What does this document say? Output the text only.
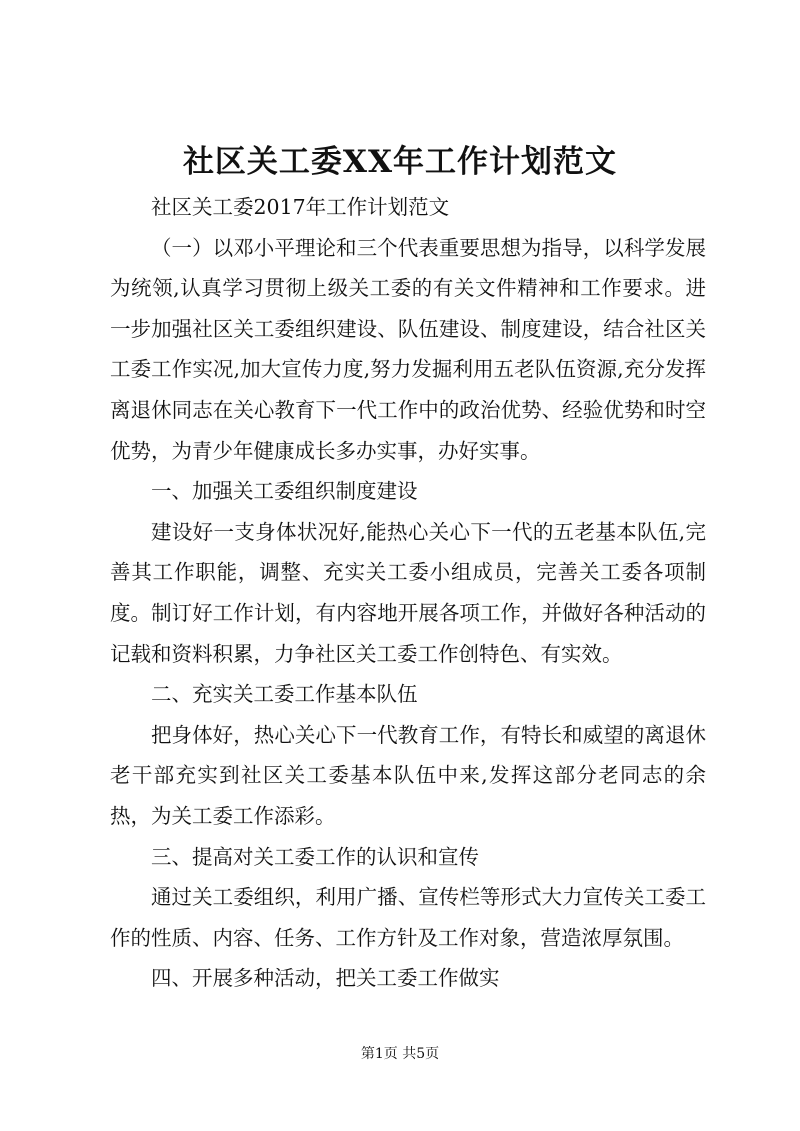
社区关工委XX年工作计划范文

社区关工委2017年工作计划范文

（一）以邓小平理论和三个代表重要思想为指导，以科学发展为统领,认真学习贯彻上级关工委的有关文件精神和工作要求。进一步加强社区关工委组织建设、队伍建设、制度建设，结合社区关工委工作实况,加大宣传力度,努力发掘利用五老队伍资源,充分发挥离退休同志在关心教育下一代工作中的政治优势、经验优势和时空优势，为青少年健康成长多办实事，办好实事。

一、加强关工委组织制度建设

建设好一支身体状况好,能热心关心下一代的五老基本队伍,完善其工作职能，调整、充实关工委小组成员，完善关工委各项制度。制订好工作计划，有内容地开展各项工作，并做好各种活动的记载和资料积累，力争社区关工委工作创特色、有实效。

二、充实关工委工作基本队伍

把身体好，热心关心下一代教育工作，有特长和威望的离退休老干部充实到社区关工委基本队伍中来,发挥这部分老同志的余热，为关工委工作添彩。

三、提高对关工委工作的认识和宣传

通过关工委组织，利用广播、宣传栏等形式大力宣传关工委工作的性质、内容、任务、工作方针及工作对象，营造浓厚氛围。

四、开展多种活动，把关工委工作做实

第1页 共5页
